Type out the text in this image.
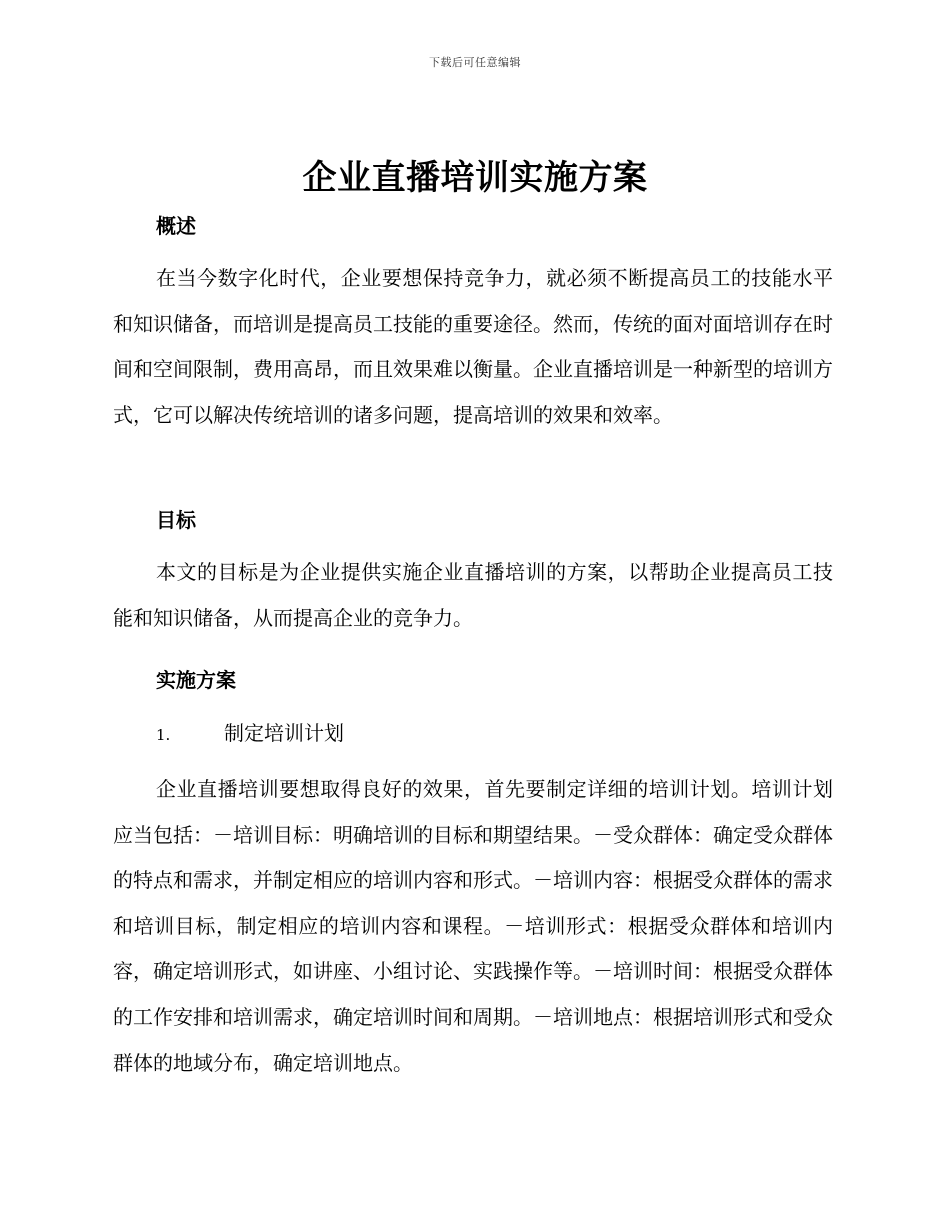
下载后可任意编辑
企业直播培训实施方案
概述

在当今数字化时代，企业要想保持竞争力，就必须不断提高员工的技能水平和知识储备，而培训是提高员工技能的重要途径。然而，传统的面对面培训存在时间和空间限制，费用高昂，而且效果难以衡量。企业直播培训是一种新型的培训方式，它可以解决传统培训的诸多问题，提高培训的效果和效率。

目标

本文的目标是为企业提供实施企业直播培训的方案，以帮助企业提高员工技能和知识储备，从而提高企业的竞争力。

实施方案
1.	制定培训计划

企业直播培训要想取得良好的效果，首先要制定详细的培训计划。培训计划应当包括：－培训目标：明确培训的目标和期望结果。－受众群体：确定受众群体的特点和需求，并制定相应的培训内容和形式。－培训内容：根据受众群体的需求和培训目标，制定相应的培训内容和课程。－培训形式：根据受众群体和培训内容，确定培训形式，如讲座、小组讨论、实践操作等。－培训时间：根据受众群体的工作安排和培训需求，确定培训时间和周期。－培训地点：根据培训形式和受众群体的地域分布，确定培训地点。
